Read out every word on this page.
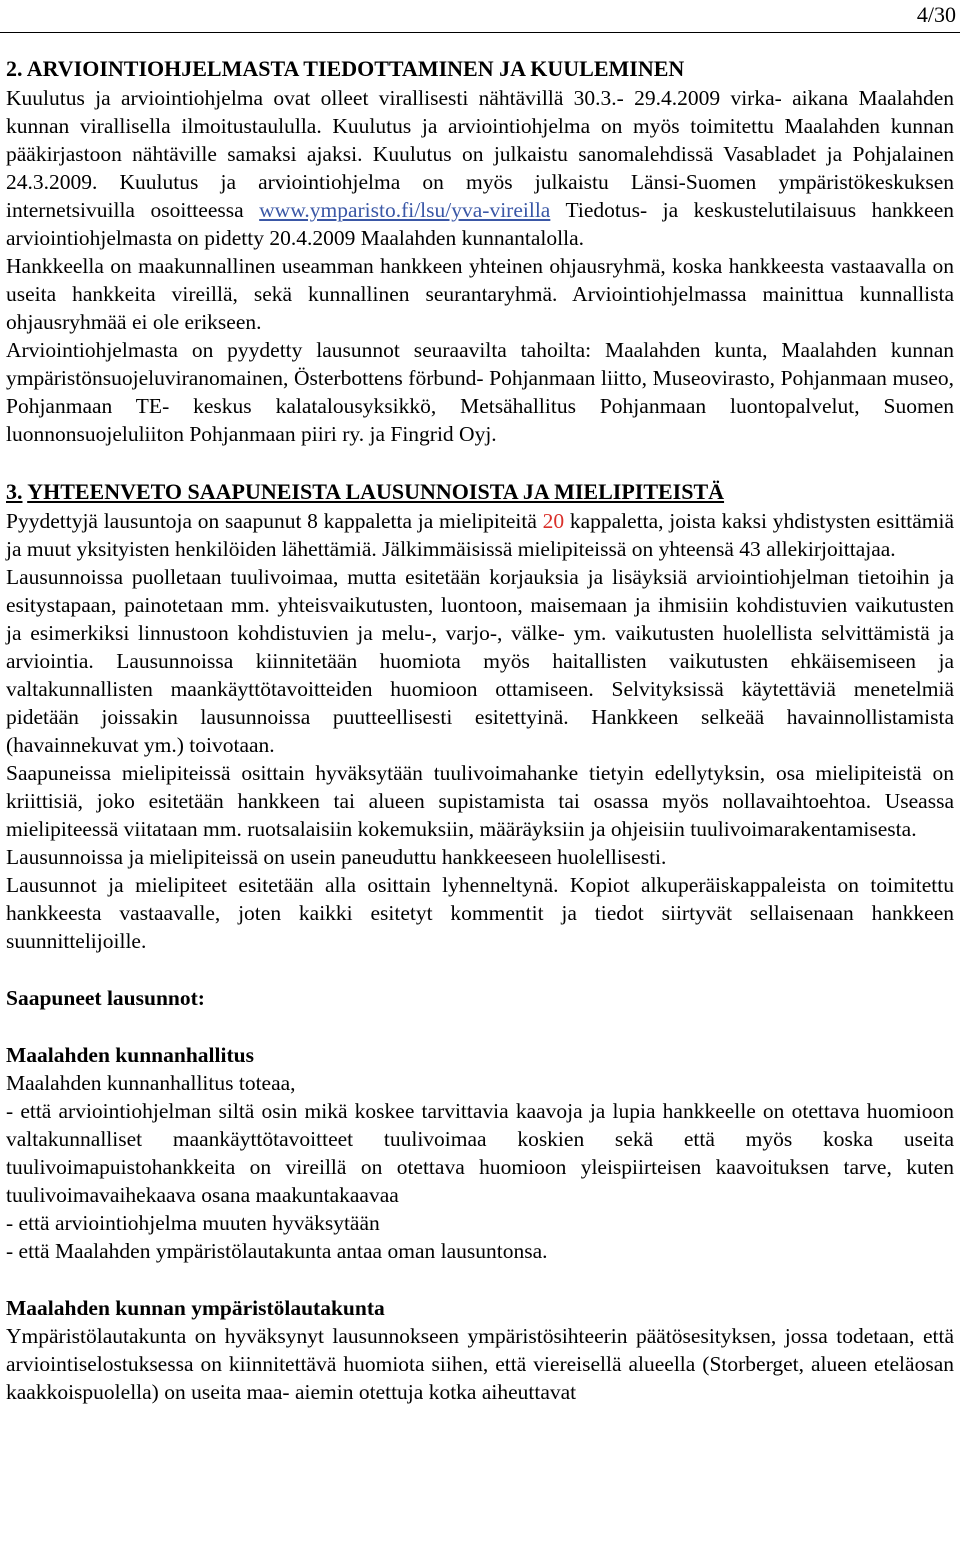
4/30

2. ARVIOINTIOHJELMASTA TIEDOTTAMINEN JA KUULEMINEN

Kuulutus ja arviointiohjelma ovat olleet virallisesti nähtävillä 30.3.- 29.4.2009 virka- aikana Maalahden kunnan virallisella ilmoitustaululla. Kuulutus ja arviointiohjelma on myös toimitettu Maalahden kunnan pääkirjastoon nähtäville samaksi ajaksi. Kuulutus on julkaistu sanomalehdissä Vasabladet ja Pohjalainen 24.3.2009. Kuulutus ja arviointiohjelma on myös julkaistu Länsi-Suomen ympäristökeskuksen internetsivuilla osoitteessa www.ymparisto.fi/lsu/yva-vireilla Tiedotus- ja keskustelutilaisuus hankkeen arviointiohjelmasta on pidetty 20.4.2009 Maalahden kunnantalolla.

Hankkeella on maakunnallinen useamman hankkeen yhteinen ohjausryhmä, koska hankkeesta vastaavalla on useita hankkeita vireillä, sekä kunnallinen seurantaryhmä. Arviointiohjelmassa mainittua kunnallista ohjausryhmää ei ole erikseen.

Arviointiohjelmasta on pyydetty lausunnot seuraavilta tahoilta: Maalahden kunta, Maalahden kunnan ympäristönsuojeluviranomainen, Österbottens förbund- Pohjanmaan liitto, Museovirasto, Pohjanmaan museo, Pohjanmaan TE- keskus kalatalousyksikkö, Metsähallitus Pohjanmaan luontopalvelut, Suomen luonnonsuojeluliiton Pohjanmaan piiri ry. ja Fingrid Oyj.

3. YHTEENVETO SAAPUNEISTA LAUSUNNOISTA JA MIELIPITEISTÄ

Pyydettyjä lausuntoja on saapunut 8 kappaletta ja mielipiteitä 20 kappaletta, joista kaksi yhdistysten esittämiä ja muut yksityisten henkilöiden lähettämiä. Jälkimmäisissä mielipiteissä on yhteensä 43 allekirjoittajaa.

Lausunnoissa puolletaan tuulivoimaa, mutta esitetään korjauksia ja lisäyksiä arviointiohjelman tietoihin ja esitystapaan, painotetaan mm. yhteisvaikutusten, luontoon, maisemaan ja ihmisiin kohdistuvien vaikutusten ja esimerkiksi linnustoon kohdistuvien ja melu-, varjo-, välke- ym. vaikutusten huolellista selvittämistä ja arviointia. Lausunnoissa kiinnitetään huomiota myös haitallisten vaikutusten ehkäisemiseen ja valtakunnallisten maankäyttötavoitteiden huomioon ottamiseen. Selvityksissä käytettäviä menetelmiä pidetään joissakin lausunnoissa puutteellisesti esitettyinä. Hankkeen selkeää havainnollistamista (havainnekuvat ym.) toivotaan.

Saapuneissa mielipiteissä osittain hyväksytään tuulivoimahanke tietyin edellytyksin, osa mielipiteistä on kriittisiä, joko esitetään hankkeen tai alueen supistamista tai osassa myös nollavaihtoehtoa. Useassa mielipiteessä viitataan mm. ruotsalaisiin kokemuksiin, määräyksiin ja ohjeisiin tuulivoimarakentamisesta.

Lausunnoissa ja mielipiteissä on usein paneuduttu hankkeeseen huolellisesti.

Lausunnot ja mielipiteet esitetään alla osittain lyhenneltynä. Kopiot alkuperäiskappaleista on toimitettu hankkeesta vastaavalle, joten kaikki esitetyt kommentit ja tiedot siirtyvät sellaisenaan hankkeen suunnittelijoille.

Saapuneet lausunnot:

Maalahden kunnanhallitus

Maalahden kunnanhallitus toteaa,

- että arviointiohjelman siltä osin mikä koskee tarvittavia kaavoja ja lupia hankkeelle on otettava huomioon valtakunnalliset maankäyttötavoitteet tuulivoimaa koskien sekä että myös koska useita tuulivoimapuistohankkeita on vireillä on otettava huomioon yleispiirteisen kaavoituksen tarve, kuten tuulivoimavaihekaava osana maakuntakaavaa

- että arviointiohjelma muuten hyväksytään

- että Maalahden ympäristölautakunta antaa oman lausuntonsa.

Maalahden kunnan ympäristölautakunta

Ympäristölautakunta on hyväksynyt lausunnokseen ympäristösihteerin päätösesityksen, jossa todetaan, että arviointiselostuksessa on kiinnitettävä huomiota siihen, että viereisellä alueella (Storberget, alueen eteläosan kaakkoispuolella) on useita maa- aiemin otettuja kotka aiheuttavat
